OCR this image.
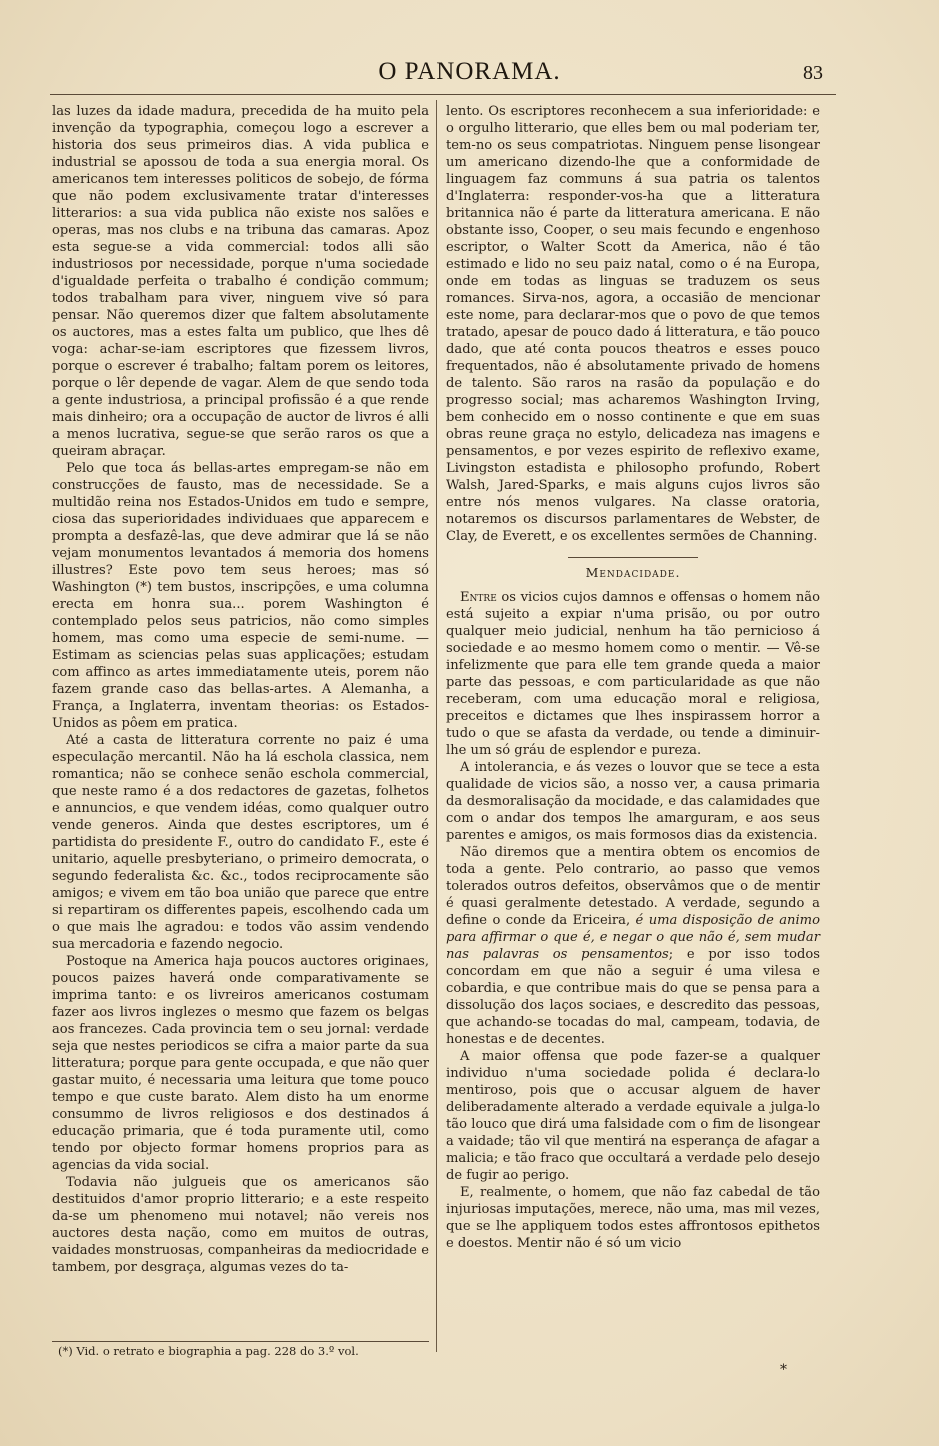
O PANORAMA.	83

las luzes da idade madura, precedida de ha muito pela invenção da typographia, começou logo a escrever a historia dos seus primeiros dias. A vida publica e industrial se apossou de toda a sua energia moral. Os americanos tem interesses politicos de sobejo, de fórma que não podem exclusivamente tratar d'interesses litterarios: a sua vida publica não existe nos salões e operas, mas nos clubs e na tribuna das camaras. Apoz esta segue-se a vida commercial: todos alli são industriosos por necessidade, porque n'uma sociedade d'igualdade perfeita o trabalho é condição commum; todos trabalham para viver, ninguem vive só para pensar. Não queremos dizer que faltem absolutamente os auctores, mas a estes falta um publico, que lhes dê voga: achar-se-iam escriptores que fizessem livros, porque o escrever é trabalho; faltam porem os leitores, porque o lêr depende de vagar. Alem de que sendo toda a gente industriosa, a principal profissão é a que rende mais dinheiro; ora a occupação de auctor de livros é alli a menos lucrativa, segue-se que serão raros os que a queiram abraçar.

Pelo que toca ás bellas-artes empregam-se não em construcções de fausto, mas de necessidade. Se a multidão reina nos Estados-Unidos em tudo e sempre, ciosa das superioridades individuaes que apparecem e prompta a desfazê-las, que deve admirar que lá se não vejam monumentos levantados á memoria dos homens illustres? Este povo tem seus heroes; mas só Washington (*) tem bustos, inscripções, e uma columna erecta em honra sua... porem Washington é contemplado pelos seus patricios, não como simples homem, mas como uma especie de semi-nume. — Estimam as sciencias pelas suas applicações; estudam com affinco as artes immediatamente uteis, porem não fazem grande caso das bellas-artes. A Alemanha, a França, a Inglaterra, inventam theorias: os Estados-Unidos as pôem em pratica.

Até a casta de litteratura corrente no paiz é uma especulação mercantil. Não ha lá eschola classica, nem romantica; não se conhece senão eschola commercial, que neste ramo é a dos redactores de gazetas, folhetos e annuncios, e que vendem idéas, como qualquer outro vende generos. Ainda que destes escriptores, um é partidista do presidente F., outro do candidato F., este é unitario, aquelle presbyteriano, o primeiro democrata, o segundo federalista &c. &c., todos reciprocamente são amigos; e vivem em tão boa união que parece que entre si repartiram os differentes papeis, escolhendo cada um o que mais lhe agradou: e todos vão assim vendendo sua mercadoria e fazendo negocio.

Postoque na America haja poucos auctores originaes, poucos paizes haverá onde comparativamente se imprima tanto: e os livreiros americanos costumam fazer aos livros inglezes o mesmo que fazem os belgas aos francezes. Cada provincia tem o seu jornal: verdade seja que nestes periodicos se cifra a maior parte da sua litteratura; porque para gente occupada, e que não quer gastar muito, é necessaria uma leitura que tome pouco tempo e que custe barato. Alem disto ha um enorme consummo de livros religiosos e dos destinados á educação primaria, que é toda puramente util, como tendo por objecto formar homens proprios para as agencias da vida social.

Todavia não julgueis que os americanos são destituidos d'amor proprio litterario; e a este respeito da-se um phenomeno mui notavel; não vereis nos auctores desta nação, como em muitos de outras, vaidades monstruosas, companheiras da mediocridade e tambem, por desgraça, algumas vezes do ta-

(*) Vid. o retrato e biographia a pag. 228 do 3.º vol.

lento. Os escriptores reconhecem a sua inferioridade: e o orgulho litterario, que elles bem ou mal poderiam ter, tem-no os seus compatriotas. Ninguem pense lisongear um americano dizendo-lhe que a conformidade de linguagem faz communs á sua patria os talentos d'Inglaterra: responder-vos-ha que a litteratura britannica não é parte da litteratura americana. E não obstante isso, Cooper, o seu mais fecundo e engenhoso escriptor, o Walter Scott da America, não é tão estimado e lido no seu paiz natal, como o é na Europa, onde em todas as linguas se traduzem os seus romances. Sirva-nos, agora, a occasião de mencionar este nome, para declarar-mos que o povo de que temos tratado, apesar de pouco dado á litteratura, e tão pouco dado, que até conta poucos theatros e esses pouco frequentados, não é absolutamente privado de homens de talento. São raros na rasão da população e do progresso social; mas acharemos Washington Irving, bem conhecido em o nosso continente e que em suas obras reune graça no estylo, delicadeza nas imagens e pensamentos, e por vezes espirito de reflexivo exame, Livingston estadista e philosopho profundo, Robert Walsh, Jared-Sparks, e mais alguns cujos livros são entre nós menos vulgares. Na classe oratoria, notaremos os discursos parlamentares de Webster, de Clay, de Everett, e os excellentes sermões de Channing.

Mendacidade.

Entre os vicios cujos damnos e offensas o homem não está sujeito a expiar n'uma prisão, ou por outro qualquer meio judicial, nenhum ha tão pernicioso á sociedade e ao mesmo homem como o mentir. — Vê-se infelizmente que para elle tem grande queda a maior parte das pessoas, e com particularidade as que não receberam, com uma educação moral e religiosa, preceitos e dictames que lhes inspirassem horror a tudo o que se afasta da verdade, ou tende a diminuir-lhe um só gráu de esplendor e pureza.

A intolerancia, e ás vezes o louvor que se tece a esta qualidade de vicios são, a nosso ver, a causa primaria da desmoralisação da mocidade, e das calamidades que com o andar dos tempos lhe amarguram, e aos seus parentes e amigos, os mais formosos dias da existencia.

Não diremos que a mentira obtem os encomios de toda a gente. Pelo contrario, ao passo que vemos tolerados outros defeitos, observâmos que o de mentir é quasi geralmente detestado. A verdade, segundo a define o conde da Ericeira, é uma disposição de animo para affirmar o que é, e negar o que não é, sem mudar nas palavras os pensamentos; e por isso todos concordam em que não a seguir é uma vilesa e cobardia, e que contribue mais do que se pensa para a dissolução dos laços sociaes, e descredito das pessoas, que achando-se tocadas do mal, campeam, todavia, de honestas e de decentes.

A maior offensa que pode fazer-se a qualquer individuo n'uma sociedade polida é declara-lo mentiroso, pois que o accusar alguem de haver deliberadamente alterado a verdade equivale a julga-lo tão louco que dirá uma falsidade com o fim de lisongear a vaidade; tão vil que mentirá na esperança de afagar a malicia; e tão fraco que occultará a verdade pelo desejo de fugir ao perigo.

E, realmente, o homem, que não faz cabedal de tão injuriosas imputações, merece, não uma, mas mil vezes, que se lhe appliquem todos estes affrontosos epithetos e doestos. Mentir não é só um vicio

*
